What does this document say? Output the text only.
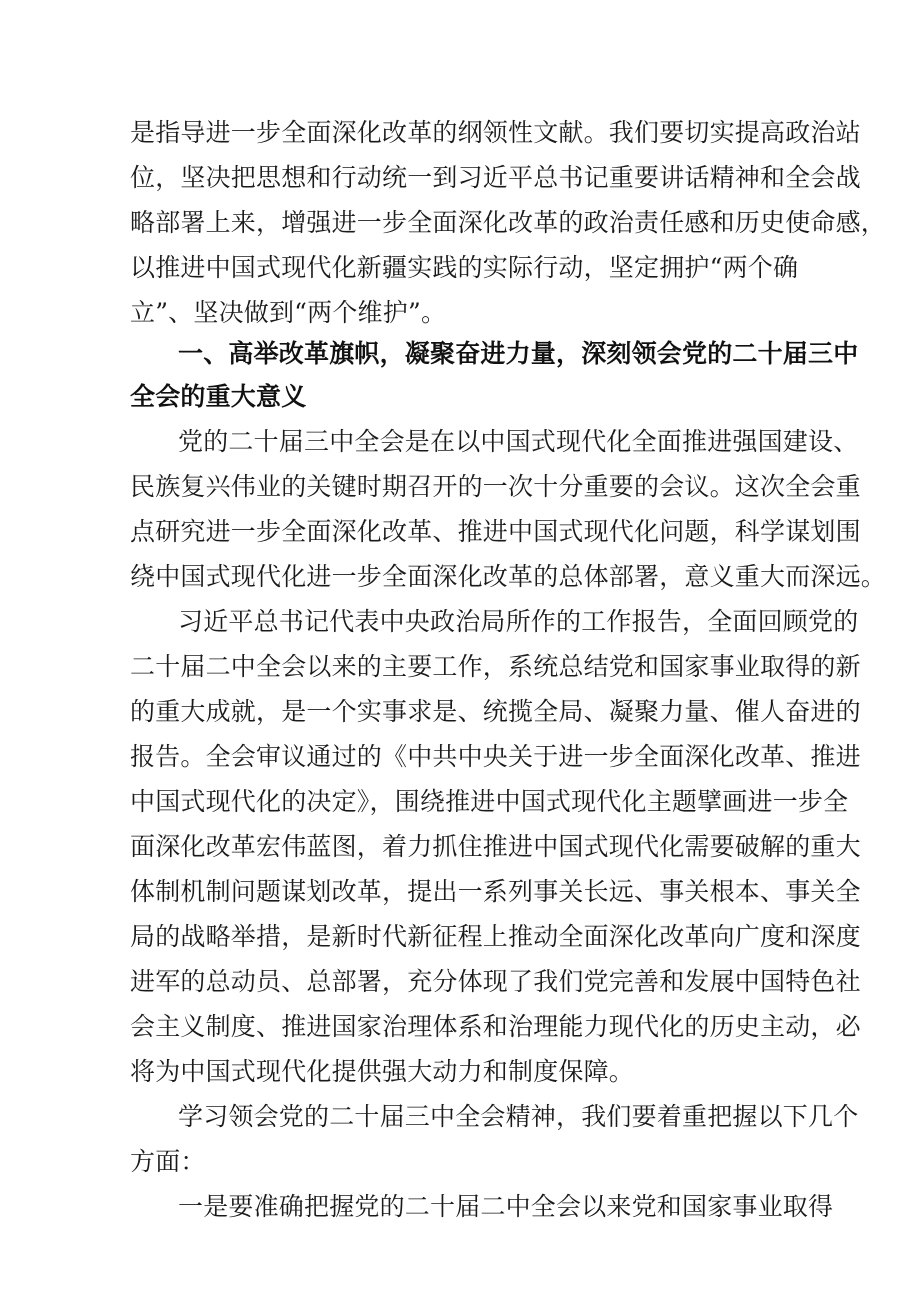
是指导进一步全面深化改革的纲领性文献。我们要切实提高政治站
位，坚决把思想和行动统一到习近平总书记重要讲话精神和全会战
略部署上来，增强进一步全面深化改革的政治责任感和历史使命感，
以推进中国式现代化新疆实践的实际行动，坚定拥护“两个确
立”、坚决做到“两个维护”。
一、高举改革旗帜，凝聚奋进力量，深刻领会党的二十届三中
全会的重大意义
党的二十届三中全会是在以中国式现代化全面推进强国建设、
民族复兴伟业的关键时期召开的一次十分重要的会议。这次全会重
点研究进一步全面深化改革、推进中国式现代化问题，科学谋划围
绕中国式现代化进一步全面深化改革的总体部署，意义重大而深远。
习近平总书记代表中央政治局所作的工作报告，全面回顾党的
二十届二中全会以来的主要工作，系统总结党和国家事业取得的新
的重大成就，是一个实事求是、统揽全局、凝聚力量、催人奋进的
报告。全会审议通过的《中共中央关于进一步全面深化改革、推进
中国式现代化的决定》，围绕推进中国式现代化主题擘画进一步全
面深化改革宏伟蓝图，着力抓住推进中国式现代化需要破解的重大
体制机制问题谋划改革，提出一系列事关长远、事关根本、事关全
局的战略举措，是新时代新征程上推动全面深化改革向广度和深度
进军的总动员、总部署，充分体现了我们党完善和发展中国特色社
会主义制度、推进国家治理体系和治理能力现代化的历史主动，必
将为中国式现代化提供强大动力和制度保障。
学习领会党的二十届三中全会精神，我们要着重把握以下几个
方面：
一是要准确把握党的二十届二中全会以来党和国家事业取得
